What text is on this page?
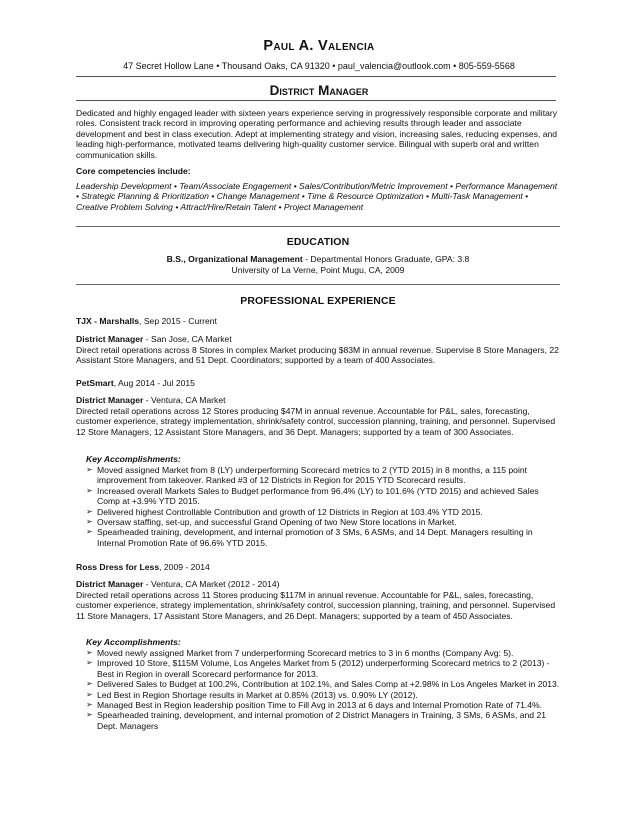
Paul A. Valencia
47 Secret Hollow Lane • Thousand Oaks, CA 91320 • paul_valencia@outlook.com • 805-559-5568
District Manager
Dedicated and highly engaged leader with sixteen years experience serving in progressively responsible corporate and military roles. Consistent track record in improving operating performance and achieving results through leader and associate development and best in class execution. Adept at implementing strategy and vision, increasing sales, reducing expenses, and leading high-performance, motivated teams delivering high-quality customer service. Bilingual with superb oral and written communication skills.
Core competencies include:
Leadership Development • Team/Associate Engagement • Sales/Contribution/Metric Improvement • Performance Management • Strategic Planning & Prioritization • Change Management • Time & Resource Optimization • Multi-Task Management • Creative Problem Solving • Attract/Hire/Retain Talent • Project Management
EDUCATION
B.S., Organizational Management - Departmental Honors Graduate, GPA: 3.8
University of La Verne, Point Mugu, CA, 2009
PROFESSIONAL EXPERIENCE
TJX - Marshalls, Sep 2015 - Current
District Manager - San Jose, CA Market
Direct retail operations across 8 Stores in complex Market producing $83M in annual revenue. Supervise 8 Store Managers, 22 Assistant Store Managers, and 51 Dept. Coordinators; supported by a team of 400 Associates.
PetSmart, Aug 2014 - Jul 2015
District Manager - Ventura, CA Market
Directed retail operations across 12 Stores producing $47M in annual revenue. Accountable for P&L, sales, forecasting, customer experience, strategy implementation, shrink/safety control, succession planning, training, and personnel. Supervised 12 Store Managers, 12 Assistant Store Managers, and 36 Dept. Managers; supported by a team of 300 Associates.
Key Accomplishments:
➢ Moved assigned Market from 8 (LY) underperforming Scorecard metrics to 2 (YTD 2015) in 8 months, a 115 point improvement from takeover. Ranked #3 of 12 Districts in Region for 2015 YTD Scorecard results.
➢ Increased overall Markets Sales to Budget performance from 96.4% (LY) to 101.6% (YTD 2015) and achieved Sales Comp at +3.9% YTD 2015.
➢ Delivered highest Controllable Contribution and growth of 12 Districts in Region at 103.4% YTD 2015.
➢ Oversaw staffing, set-up, and successful Grand Opening of two New Store locations in Market.
➢ Spearheaded training, development, and internal promotion of 3 SMs, 6 ASMs, and 14 Dept. Managers resulting in Internal Promotion Rate of 96.6% YTD 2015.
Ross Dress for Less, 2009 - 2014
District Manager - Ventura, CA Market (2012 - 2014)
Directed retail operations across 11 Stores producing $117M in annual revenue. Accountable for P&L, sales, forecasting, customer experience, strategy implementation, shrink/safety control, succession planning, training, and personnel. Supervised 11 Store Managers, 17 Assistant Store Managers, and 26 Dept. Managers; supported by a team of 450 Associates.
Key Accomplishments:
➢ Moved newly assigned Market from 7 underperforming Scorecard metrics to 3 in 6 months (Company Avg: 5).
➢ Improved 10 Store, $115M Volume, Los Angeles Market from 5 (2012) underperforming Scorecard metrics to 2 (2013) - Best in Region in overall Scorecard performance for 2013.
➢ Delivered Sales to Budget at 100.2%, Contribution at 102.1%, and Sales Comp at +2.98% in Los Angeles Market in 2013.
➢ Led Best in Region Shortage results in Market at 0.85% (2013) vs. 0.90% LY (2012).
➢ Managed Best in Region leadership position Time to Fill Avg in 2013 at 6 days and Internal Promotion Rate of 71.4%.
➢ Spearheaded training, development, and internal promotion of 2 District Managers in Training, 3 SMs, 6 ASMs, and 21 Dept. Managers
